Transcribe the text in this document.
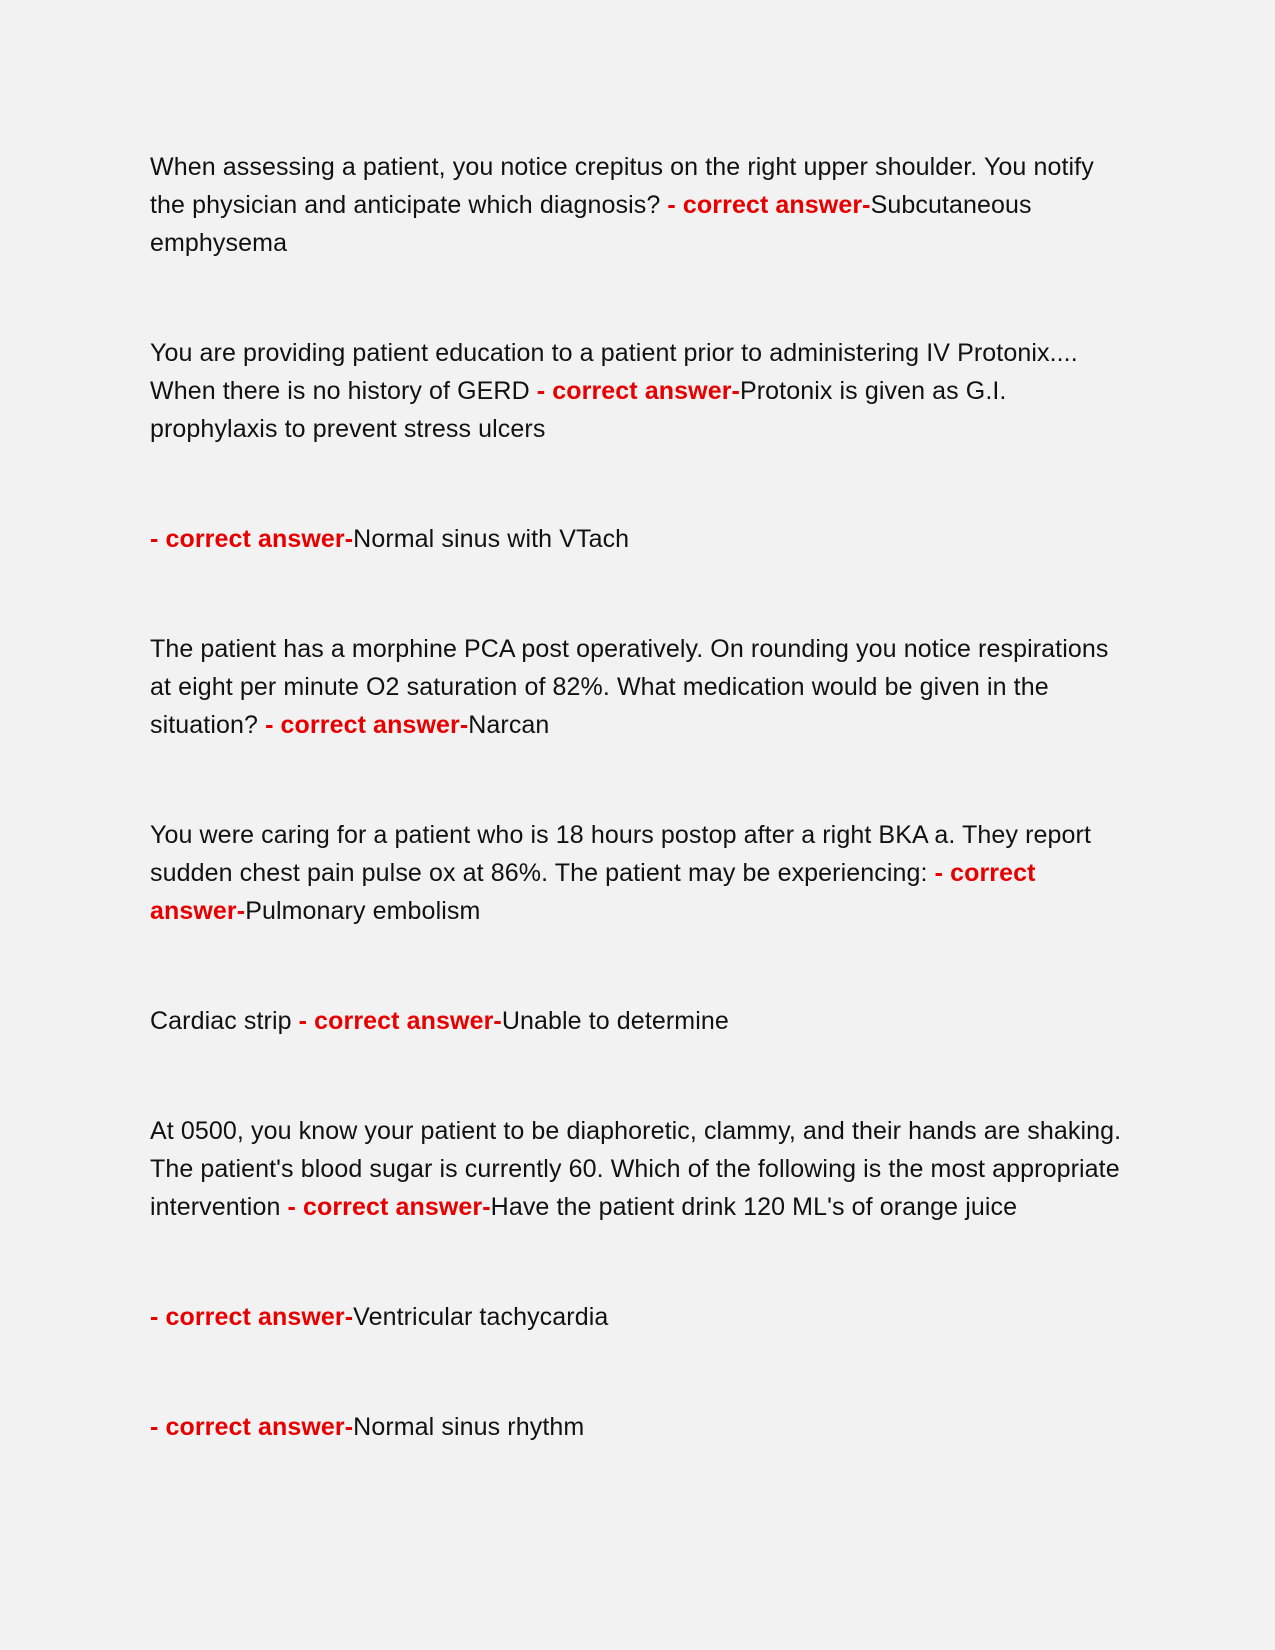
When assessing a patient, you notice crepitus on the right upper shoulder. You notify the physician and anticipate which diagnosis? - correct answer-Subcutaneous emphysema

You are providing patient education to a patient prior to administering IV Protonix.... When there is no history of GERD - correct answer-Protonix is given as G.I. prophylaxis to prevent stress ulcers

- correct answer-Normal sinus with VTach

The patient has a morphine PCA post operatively. On rounding you notice respirations at eight per minute O2 saturation of 82%. What medication would be given in the situation? - correct answer-Narcan

You were caring for a patient who is 18 hours postop after a right BKA a. They report sudden chest pain pulse ox at 86%. The patient may be experiencing: - correct answer-Pulmonary embolism

Cardiac strip - correct answer-Unable to determine

At 0500, you know your patient to be diaphoretic, clammy, and their hands are shaking. The patient's blood sugar is currently 60. Which of the following is the most appropriate intervention - correct answer-Have the patient drink 120 ML's of orange juice

- correct answer-Ventricular tachycardia

- correct answer-Normal sinus rhythm
